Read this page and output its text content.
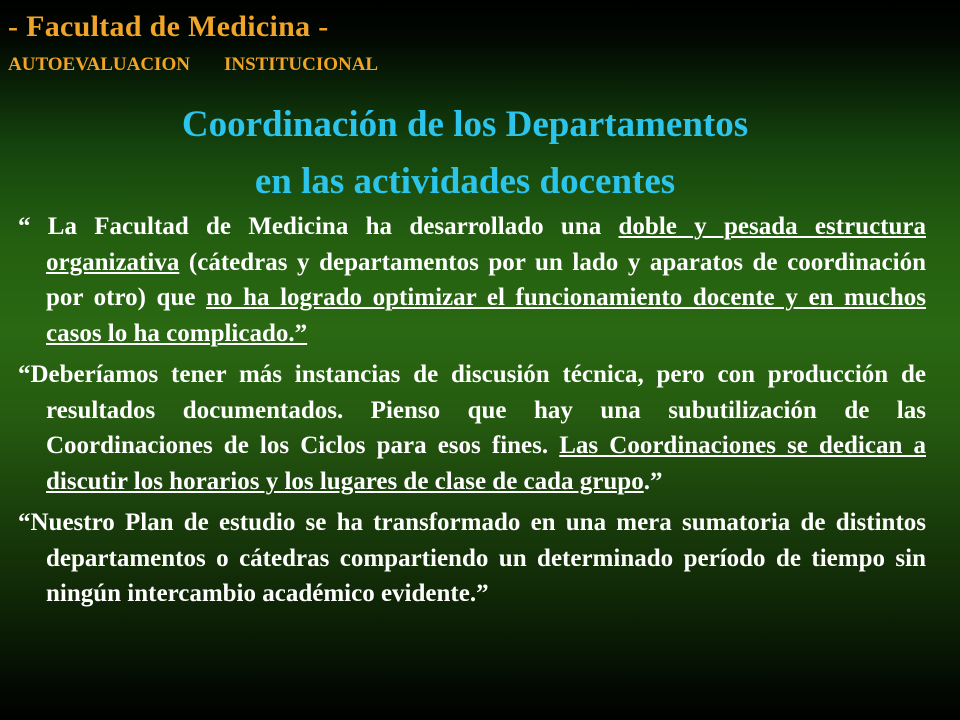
- Facultad de Medicina -

AUTOEVALUACION INSTITUCIONAL

Coordinación de los Departamentos
en las actividades docentes

“ La Facultad de Medicina ha desarrollado una doble y pesada estructura organizativa (cátedras y departamentos por un lado y aparatos de coordinación por otro) que no ha logrado optimizar el funcionamiento docente y en muchos casos lo ha complicado.”

“Deberíamos tener más instancias de discusión técnica, pero con producción de resultados documentados. Pienso que hay una subutilización de las Coordinaciones de los Ciclos para esos fines. Las Coordinaciones se dedican a discutir los horarios y los lugares de clase de cada grupo.”

“Nuestro Plan de estudio se ha transformado en una mera sumatoria de distintos departamentos o cátedras compartiendo un determinado período de tiempo sin ningún intercambio académico evidente.”
